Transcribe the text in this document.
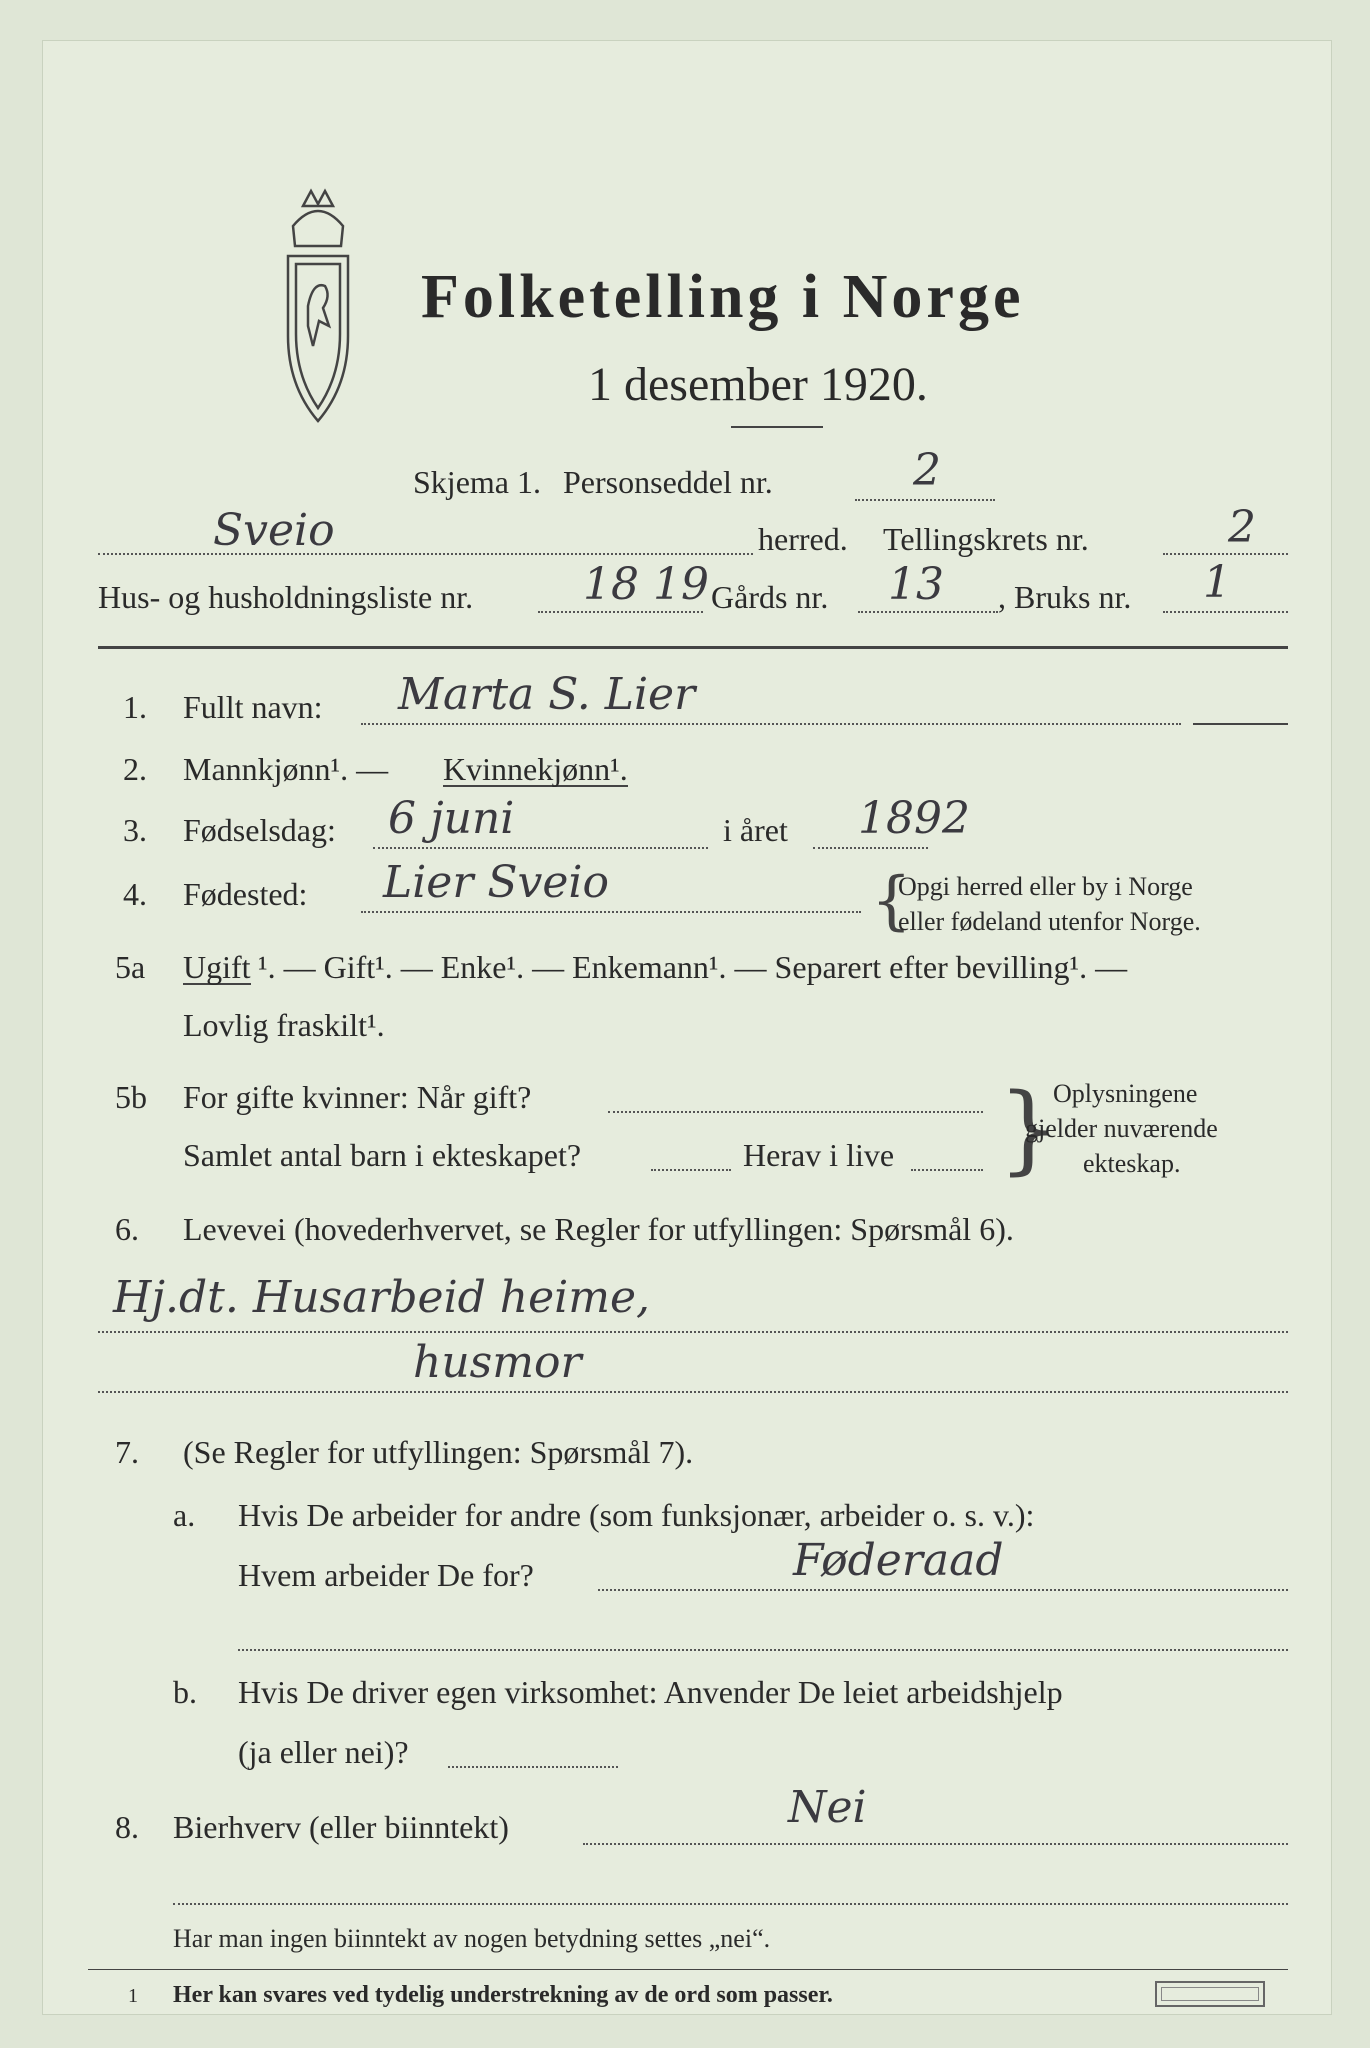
Folketelling i Norge
1 desember 1920.
Skjema 1. Personseddel nr.	2
Sveio	herred. Tellingskrets nr.	2
Hus- og husholdningsliste nr. 18 19 Gårds nr. 13 , Bruks nr. 1
1. Fullt navn: Marta S. Lier
2. Mannkjønn¹. — Kvinnekjønn¹.
3. Fødselsdag: 6 juni	i året 1892
4. Fødested: Lier Sveio	{
Opgi herred eller by i Norge
eller fødeland utenfor Norge.
5a Ugift ¹. — Gift¹. — Enke¹. — Enkemann¹. — Separert efter bevilling¹. —
Lovlig fraskilt¹.
5b For gifte kvinner: Når gift?
Samlet antal barn i ekteskapet?	Herav i live }
Oplysningene
gjelder nuværende
ekteskap.
6. Levevei (hovederhvervet, se Regler for utfyllingen: Spørsmål 6).
Hj.dt. Husarbeid heime,
husmor
7. (Se Regler for utfyllingen: Spørsmål 7).
a. Hvis De arbeider for andre (som funksjonær, arbeider o. s. v.):
Hvem arbeider De for?	Føderaad
b. Hvis De driver egen virksomhet: Anvender De leiet arbeidshjelp
(ja eller nei)?
8. Bierhverv (eller biinntekt)	Nei
Har man ingen biinntekt av nogen betydning settes „nei“.
1 Her kan svares ved tydelig understrekning av de ord som passer.
